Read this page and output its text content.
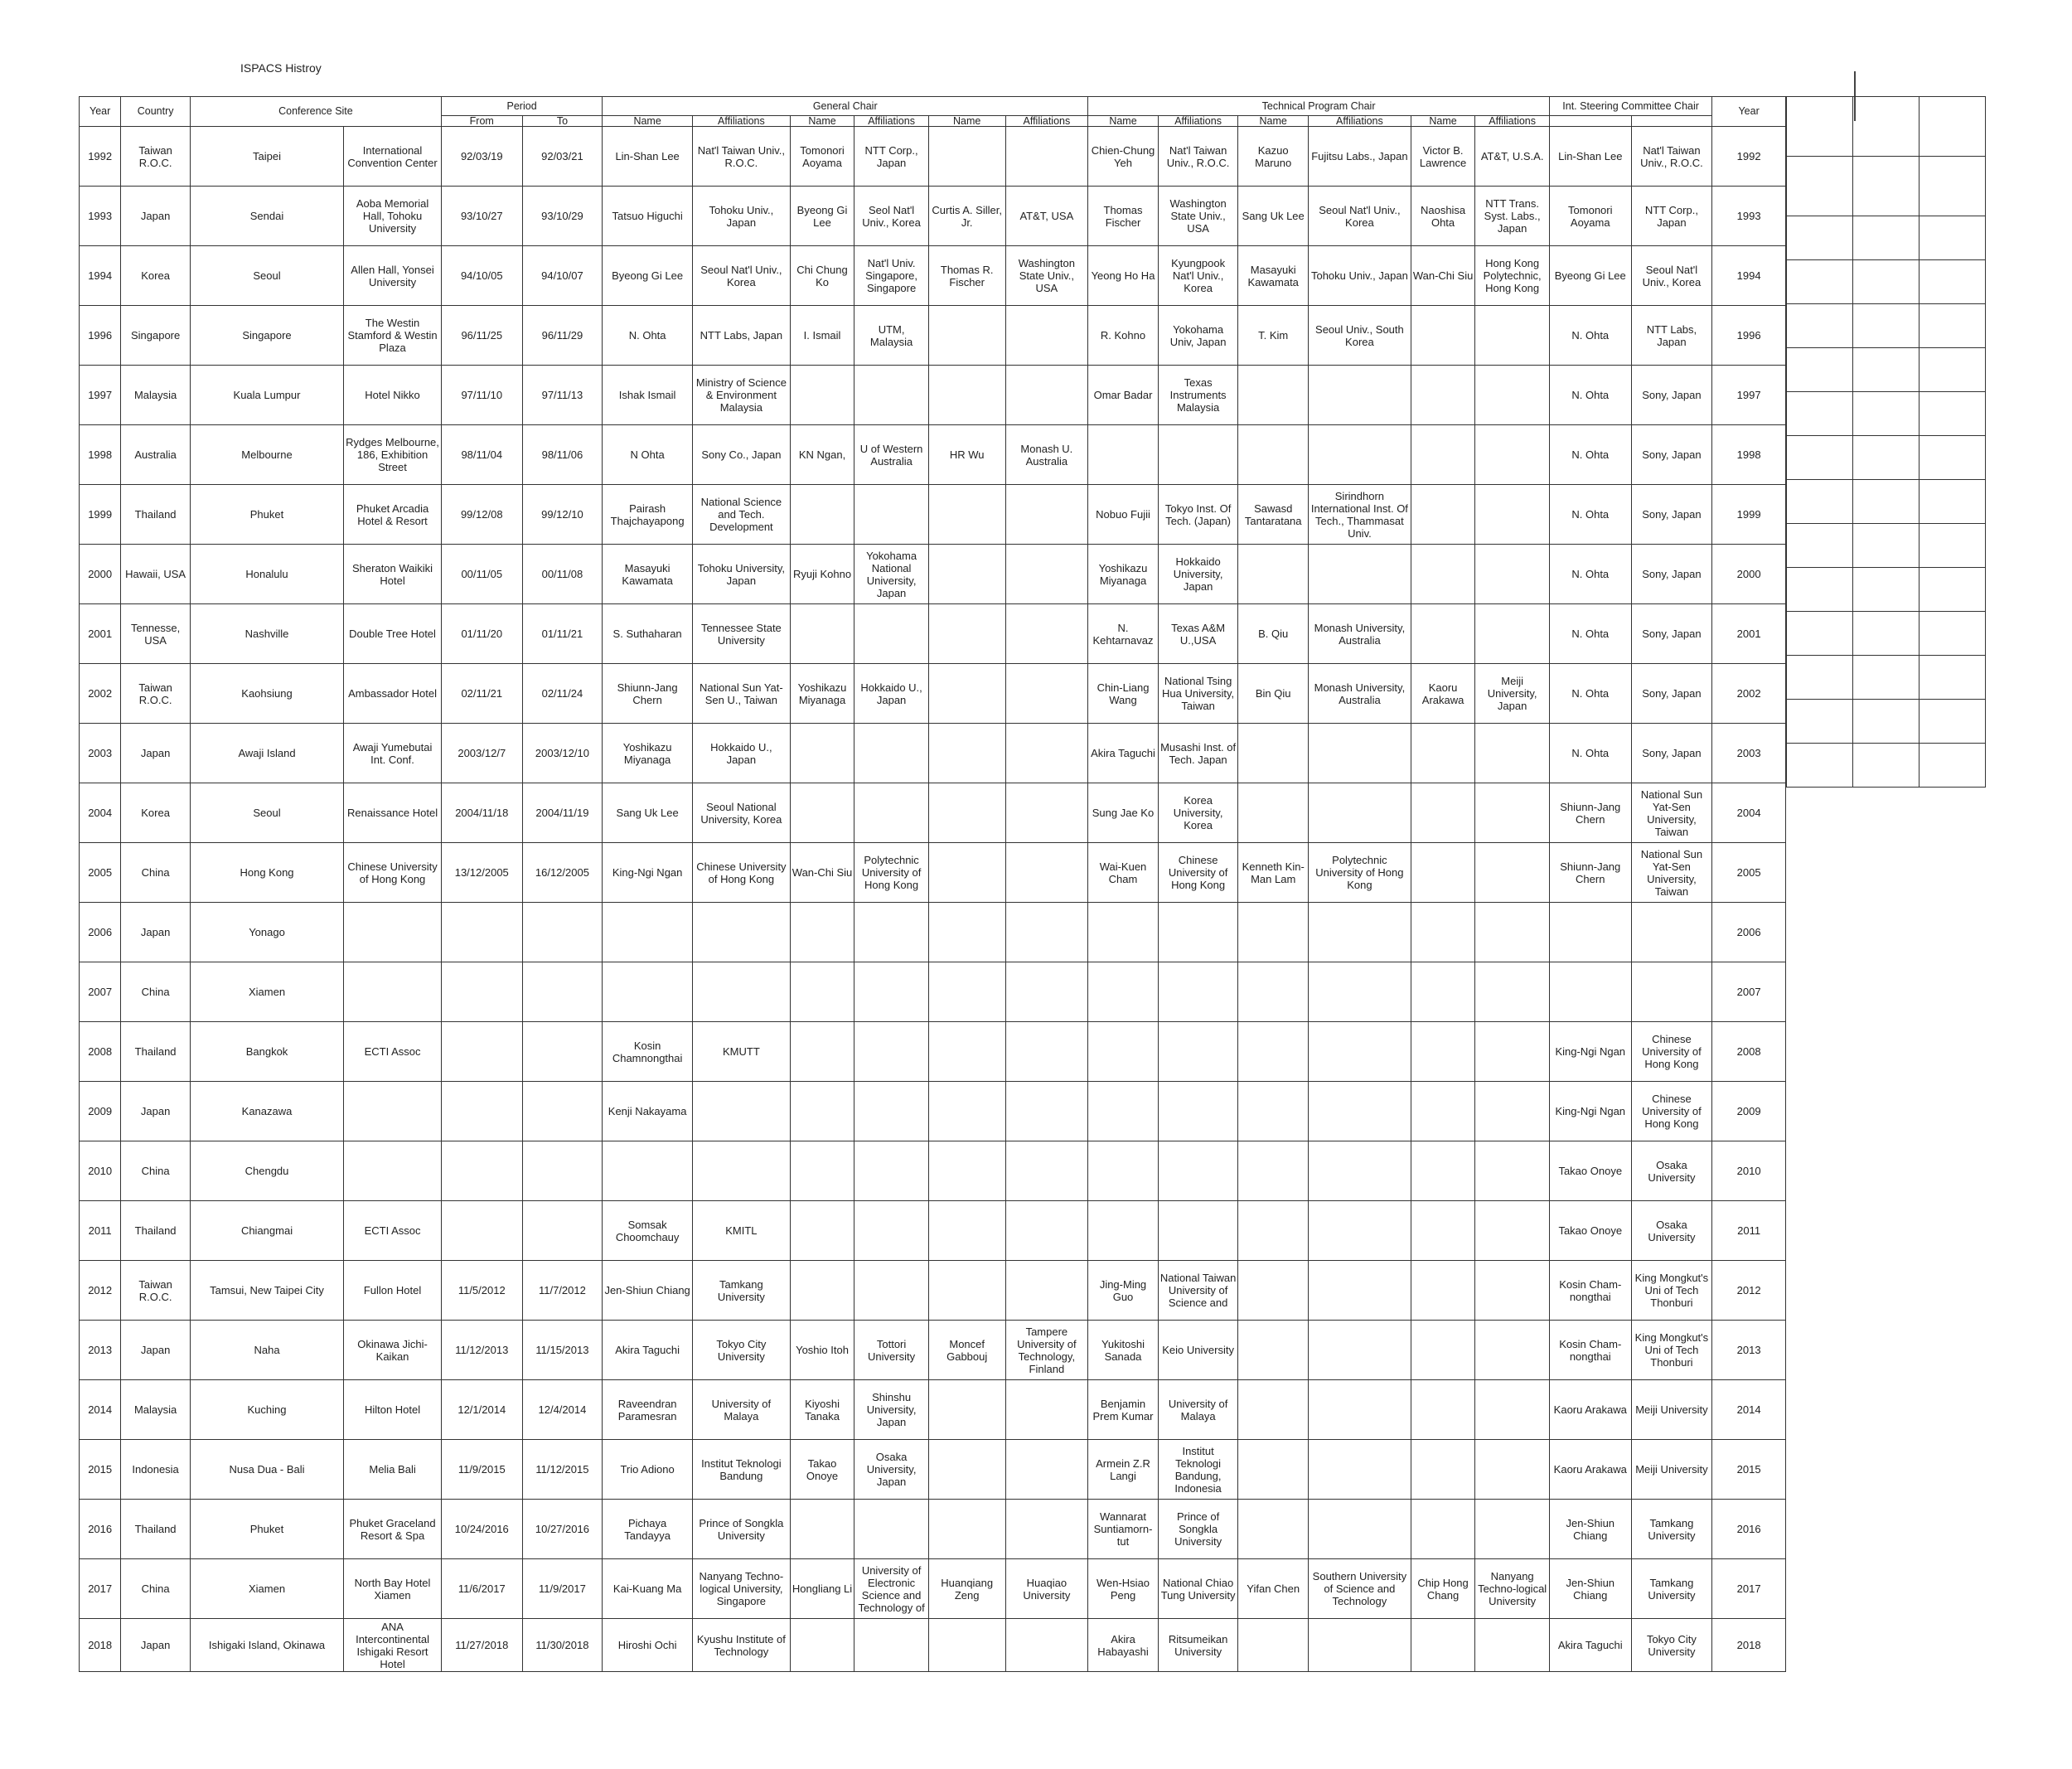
ISPACS Histroy
Year	Country	Conference Site		Period		General Chair						Technical Program Chair						Int. Steering Committee Chair		Year
				From	To	Name	Affiliations	Name	Affiliations	Name	Affiliations	Name	Affiliations	Name	Affiliations	Name	Affiliations			
1992	Taiwan R.O.C.	Taipei	International Convention Center	92/03/19	92/03/21	Lin-Shan Lee	Nat'l Taiwan Univ., R.O.C.	Tomonori Aoyama	NTT Corp., Japan			Chien-Chung Yeh	Nat'l Taiwan Univ., R.O.C.	Kazuo Maruno	Fujitsu Labs., Japan	Victor B. Lawrence	AT&T, U.S.A.	Lin-Shan Lee	Nat'l Taiwan Univ., R.O.C.	1992
1993	Japan	Sendai	Aoba Memorial Hall, Tohoku University	93/10/27	93/10/29	Tatsuo Higuchi	Tohoku Univ., Japan	Byeong Gi Lee	Seol Nat'l Univ., Korea	Curtis A. Siller, Jr.	AT&T, USA	Thomas Fischer	Washington State Univ., USA	Sang Uk Lee	Seoul Nat'l Univ., Korea	Naoshisa Ohta	NTT Trans. Syst. Labs., Japan	Tomonori Aoyama	NTT Corp., Japan	1993
1994	Korea	Seoul	Allen Hall, Yonsei University	94/10/05	94/10/07	Byeong Gi Lee	Seoul Nat'l Univ., Korea	Chi Chung Ko	Nat'l Univ. Singapore, Singapore	Thomas R. Fischer	Washington State Univ., USA	Yeong Ho Ha	Kyungpook Nat'l Univ., Korea	Masayuki Kawamata	Tohoku Univ., Japan	Wan-Chi Siu	Hong Kong Polytechnic, Hong Kong	Byeong Gi Lee	Seoul Nat'l Univ., Korea	1994
1996	Singapore	Singapore	The Westin Stamford & Westin Plaza	96/11/25	96/11/29	N. Ohta	NTT Labs, Japan	I. Ismail	UTM, Malaysia			R. Kohno	Yokohama Univ, Japan	T. Kim	Seoul Univ., South Korea			N. Ohta	NTT Labs, Japan	1996
1997	Malaysia	Kuala Lumpur	Hotel Nikko	97/11/10	97/11/13	Ishak Ismail	Ministry of Science & Environment Malaysia					Omar Badar	Texas Instruments Malaysia					N. Ohta	Sony, Japan	1997
1998	Australia	Melbourne	Rydges Melbourne, 186, Exhibition Street	98/11/04	98/11/06	N Ohta	Sony Co., Japan	KN Ngan,	U of Western Australia	HR Wu	Monash U. Australia							N. Ohta	Sony, Japan	1998
1999	Thailand	Phuket	Phuket Arcadia Hotel & Resort	99/12/08	99/12/10	Pairash Thajchayapong	National Science and Tech. Development					Nobuo Fujii	Tokyo Inst. Of Tech. (Japan)	Sawasd Tantaratana	Sirindhorn International Inst. Of Tech., Thammasat Univ.			N. Ohta	Sony, Japan	1999
2000	Hawaii, USA	Honalulu	Sheraton Waikiki Hotel	00/11/05	00/11/08	Masayuki Kawamata	Tohoku University, Japan	Ryuji Kohno	Yokohama National University, Japan			Yoshikazu Miyanaga	Hokkaido University, Japan					N. Ohta	Sony, Japan	2000
2001	Tennesse, USA	Nashville	Double Tree Hotel	01/11/20	01/11/21	S. Suthaharan	Tennessee State University					N. Kehtarnavaz	Texas A&M U.,USA	B. Qiu	Monash University, Australia			N. Ohta	Sony, Japan	2001
2002	Taiwan R.O.C.	Kaohsiung	Ambassador Hotel	02/11/21	02/11/24	Shiunn-Jang Chern	National Sun Yat-Sen U., Taiwan	Yoshikazu Miyanaga	Hokkaido U., Japan			Chin-Liang Wang	National Tsing Hua University, Taiwan	Bin Qiu	Monash University, Australia	Kaoru Arakawa	Meiji University, Japan	N. Ohta	Sony, Japan	2002
2003	Japan	Awaji Island	Awaji Yumebutai Int. Conf.	2003/12/7	2003/12/10	Yoshikazu Miyanaga	Hokkaido U., Japan					Akira Taguchi	Musashi Inst. of Tech. Japan					N. Ohta	Sony, Japan	2003
2004	Korea	Seoul	Renaissance Hotel	2004/11/18	2004/11/19	Sang Uk Lee	Seoul National University, Korea					Sung Jae Ko	Korea University, Korea					Shiunn-Jang Chern	National Sun Yat-Sen University, Taiwan	2004
2005	China	Hong Kong	Chinese University of Hong Kong	13/12/2005	16/12/2005	King-Ngi Ngan	Chinese University of Hong Kong	Wan-Chi Siu	Polytechnic University of Hong Kong			Wai-Kuen Cham	Chinese University of Hong Kong	Kenneth Kin-Man Lam	Polytechnic University of Hong Kong			Shiunn-Jang Chern	National Sun Yat-Sen University, Taiwan	2005
2006	Japan	Yonago																		2006
2007	China	Xiamen																		2007
2008	Thailand	Bangkok	ECTI Assoc			Kosin Chamnongthai	KMUTT											King-Ngi Ngan	Chinese University of Hong Kong	2008
2009	Japan	Kanazawa				Kenji Nakayama												King-Ngi Ngan	Chinese University of Hong Kong	2009
2010	China	Chengdu																Takao Onoye	Osaka University	2010
2011	Thailand	Chiangmai	ECTI Assoc			Somsak Choomchauy	KMITL											Takao Onoye	Osaka University	2011
2012	Taiwan R.O.C.	Tamsui, New Taipei City	Fullon Hotel	11/5/2012	11/7/2012	Jen-Shiun Chiang	Tamkang University					Jing-Ming Guo	National Taiwan University of Science and					Kosin Cham-nongthai	King Mongkut's Uni of Tech Thonburi	2012
2013	Japan	Naha	Okinawa Jichi-Kaikan	11/12/2013	11/15/2013	Akira Taguchi	Tokyo City University	Yoshio Itoh	Tottori University	Moncef Gabbouj	Tampere University of Technology, Finland	Yukitoshi Sanada	Keio University					Kosin Cham-nongthai	King Mongkut's Uni of Tech Thonburi	2013
2014	Malaysia	Kuching	Hilton Hotel	12/1/2014	12/4/2014	Raveendran Paramesran	University of Malaya	Kiyoshi Tanaka	Shinshu University, Japan			Benjamin Prem Kumar	University of Malaya					Kaoru Arakawa	Meiji University	2014
2015	Indonesia	Nusa Dua - Bali	Melia Bali	11/9/2015	11/12/2015	Trio Adiono	Institut Teknologi Bandung	Takao Onoye	Osaka University, Japan			Armein Z.R Langi	Institut Teknologi Bandung, Indonesia					Kaoru Arakawa	Meiji University	2015
2016	Thailand	Phuket	Phuket Graceland Resort & Spa	10/24/2016	10/27/2016	Pichaya Tandayya	Prince of Songkla University					Wannarat Suntiamorn-tut	Prince of Songkla University					Jen-Shiun Chiang	Tamkang University	2016
2017	China	Xiamen	North Bay Hotel Xiamen	11/6/2017	11/9/2017	Kai-Kuang Ma	Nanyang Techno-logical University, Singapore	Hongliang Li	University of Electronic Science and Technology of	Huanqiang Zeng	Huaqiao University	Wen-Hsiao Peng	National Chiao Tung University	Yifan Chen	Southern University of Science and Technology	Chip Hong Chang	Nanyang Techno-logical University	Jen-Shiun Chiang	Tamkang University	2017
2018	Japan	Ishigaki Island, Okinawa	ANA Intercontinental Ishigaki Resort Hotel	11/27/2018	11/30/2018	Hiroshi Ochi	Kyushu Institute of Technology					Akira Habayashi	Ritsumeikan University					Akira Taguchi	Tokyo City University	2018
